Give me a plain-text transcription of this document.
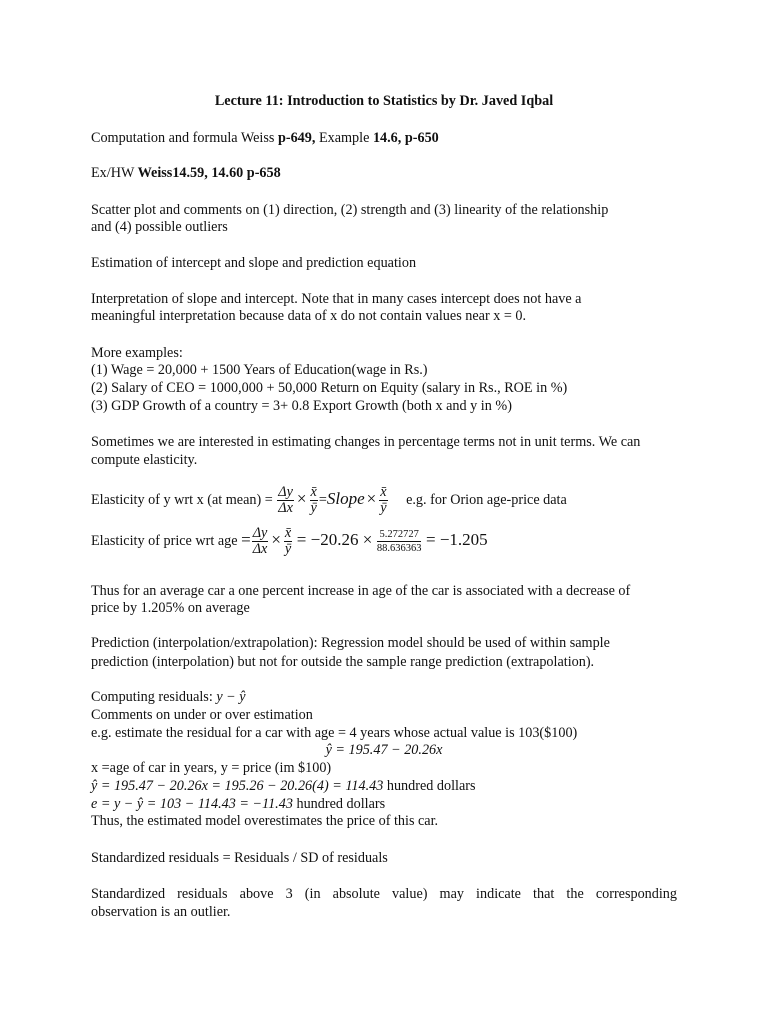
Lecture 11: Introduction to Statistics by Dr. Javed Iqbal
Computation and formula Weiss p-649, Example 14.6, p-650
Ex/HW Weiss14.59, 14.60 p-658
Scatter plot and comments on (1) direction, (2) strength and (3) linearity of the relationship
and (4) possible outliers
Estimation of intercept and slope and prediction equation
Interpretation of slope and intercept. Note that in many cases intercept does not have a
meaningful interpretation because data of x do not contain values near x = 0.
More examples:
(1) Wage = 20,000 + 1500 Years of Education(wage in Rs.)
(2) Salary of CEO = 1000,000 + 50,000 Return on Equity (salary in Rs., ROE in %)
(3) GDP Growth of a country = 3+ 0.8 Export Growth (both x and y in %)
Sometimes we are interested in estimating changes in percentage terms not in unit terms. We can
compute elasticity.
Elasticity of y wrt x (at mean) = $\frac{\Delta y}{\Delta x} \times \frac{x̄}{ȳ}$ =Slope × $\frac{x̄}{ȳ} e.g$. for Orion age-price data
Elasticity of price wrt age = $\frac{\Delta y}{\Delta x} \times \frac{x̄}{ȳ} = -20.26 \times \frac{5.272727}{88.636363} = -1.205$
Thus for an average car a one percent increase in age of the car is associated with a decrease of
price by 1.205% on average
Prediction (interpolation/extrapolation): Regression model should be used of within sample
prediction (interpolation) but not for outside the sample range prediction (extrapolation).
Computing residuals: y − ŷ
Comments on under or over estimation
e.g. estimate the residual for a car with age = 4 years whose actual value is 103($100)
ŷ = 195.47 − 20.26x
x =age of car in years, y = price (im $100)
ŷ = 195.47 − 20.26x = 195.26 − 20.26(4) = 114.43 hundred dollars
e = y − ŷ = 103 − 114.43 = −11.43 hundred dollars
Thus, the estimated model overestimates the price of this car.
Standardized residuals = Residuals / SD of residuals
Standardized residuals above 3 (in absolute value) may indicate that the corresponding
observation is an outlier.
